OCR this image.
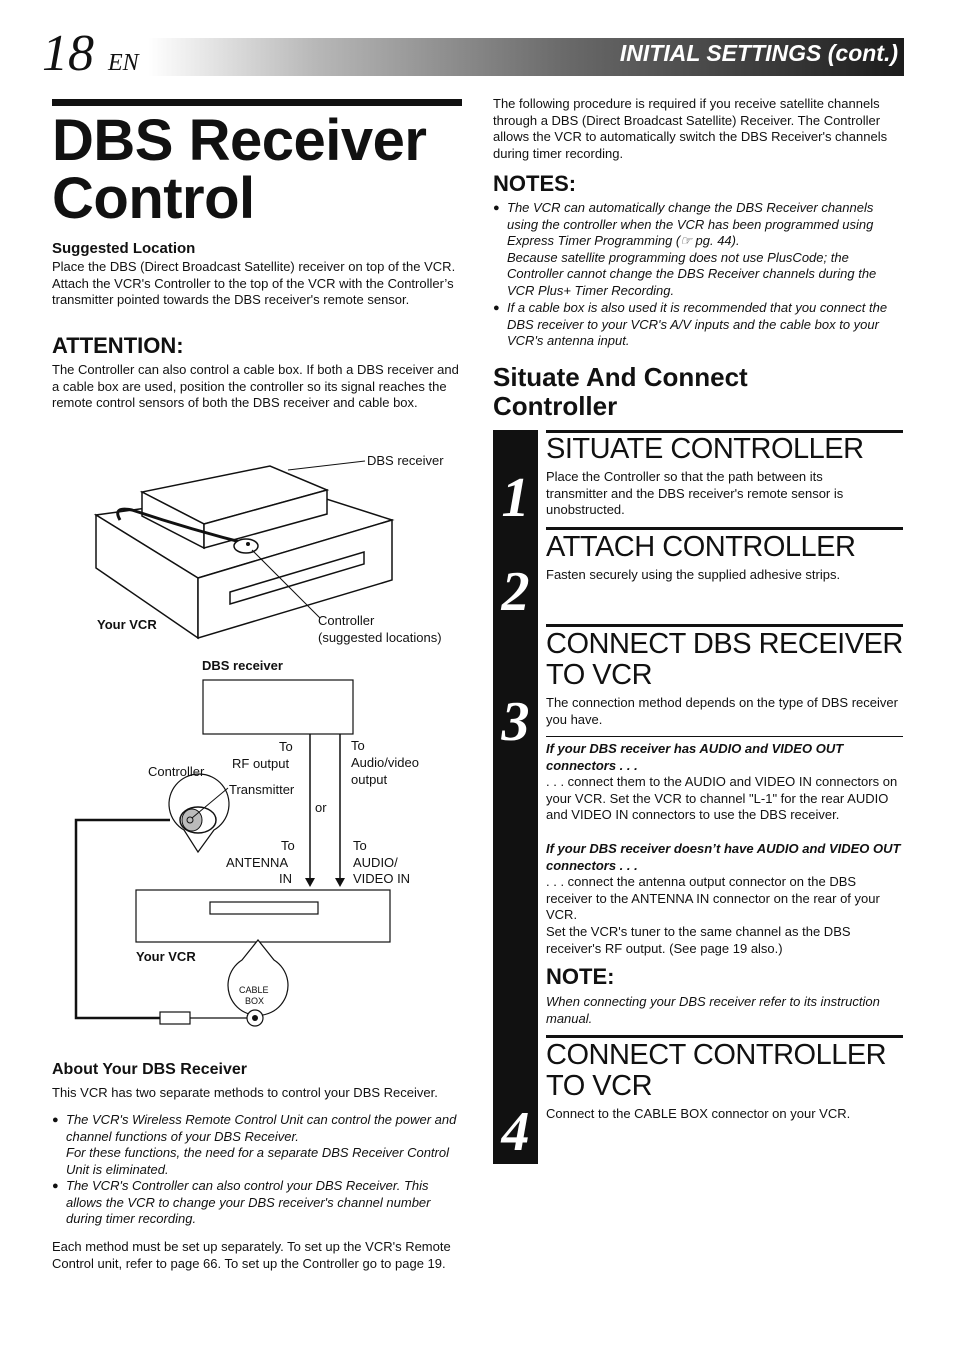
18 EN	INITIAL SETTINGS (cont.)
DBS Receiver Control
Suggested Location
Place the DBS (Direct Broadcast Satellite) receiver on top of the VCR. Attach the VCR's Controller to the top of the VCR with the Controller’s transmitter pointed towards the DBS receiver's remote sensor.
ATTENTION:
The Controller can also control a cable box. If both a DBS receiver and a cable box are used, position the controller so its signal reaches the remote control sensors of both the DBS receiver and cable box.
DBS receiver
Your VCR	Controller
(suggested locations)
DBS receiver
To
RF output
To
Audio/video
output
Controller
Transmitter
or
To
ANTENNA
IN
To
AUDIO/
VIDEO IN
Your VCR
CABLE
BOX
About Your DBS Receiver
This VCR has two separate methods to control your DBS Receiver.
● The VCR's Wireless Remote Control Unit can control the power and channel functions of your DBS Receiver.
For these functions, the need for a separate DBS Receiver Control Unit is eliminated.
● The VCR's Controller can also control your DBS Receiver. This allows the VCR to change your DBS receiver's channel number during timer recording.
Each method must be set up separately. To set up the VCR's Remote Control unit, refer to page 66. To set up the Controller go to page 19.
The following procedure is required if you receive satellite channels through a DBS (Direct Broadcast Satellite) Receiver. The Controller allows the VCR to automatically switch the DBS Receiver's channels during timer recording.
NOTES:
● The VCR can automatically change the DBS Receiver channels using the controller when the VCR has been programmed using Express Timer Programming (☞ pg. 44).
Because satellite programming does not use PlusCode; the Controller cannot change the DBS Receiver channels during the VCR Plus+ Timer Recording.
● If a cable box is also used it is recommended that you connect the DBS receiver to your VCR's A/V inputs and the cable box to your VCR's antenna input.
Situate And Connect
Controller
1
2
3
4
SITUATE CONTROLLER
Place the Controller so that the path between its transmitter and the DBS receiver's remote sensor is unobstructed.
ATTACH CONTROLLER
Fasten securely using the supplied adhesive strips.
CONNECT DBS RECEIVER
TO VCR
The connection method depends on the type of DBS receiver you have.
If your DBS receiver has AUDIO and VIDEO OUT connectors . . .
. . . connect them to the AUDIO and VIDEO IN connectors on your VCR. Set the VCR to channel "L-1" for the rear AUDIO and VIDEO IN connectors to use the DBS receiver.
If your DBS receiver doesn’t have AUDIO and VIDEO OUT connectors . . .
. . . connect the antenna output connector on the DBS receiver to the ANTENNA IN connector on the rear of your VCR.
Set the VCR's tuner to the same channel as the DBS receiver's RF output. (See page 19 also.)
NOTE:
When connecting your DBS receiver refer to its instruction manual.
CONNECT CONTROLLER
TO VCR
Connect to the CABLE BOX connector on your VCR.
